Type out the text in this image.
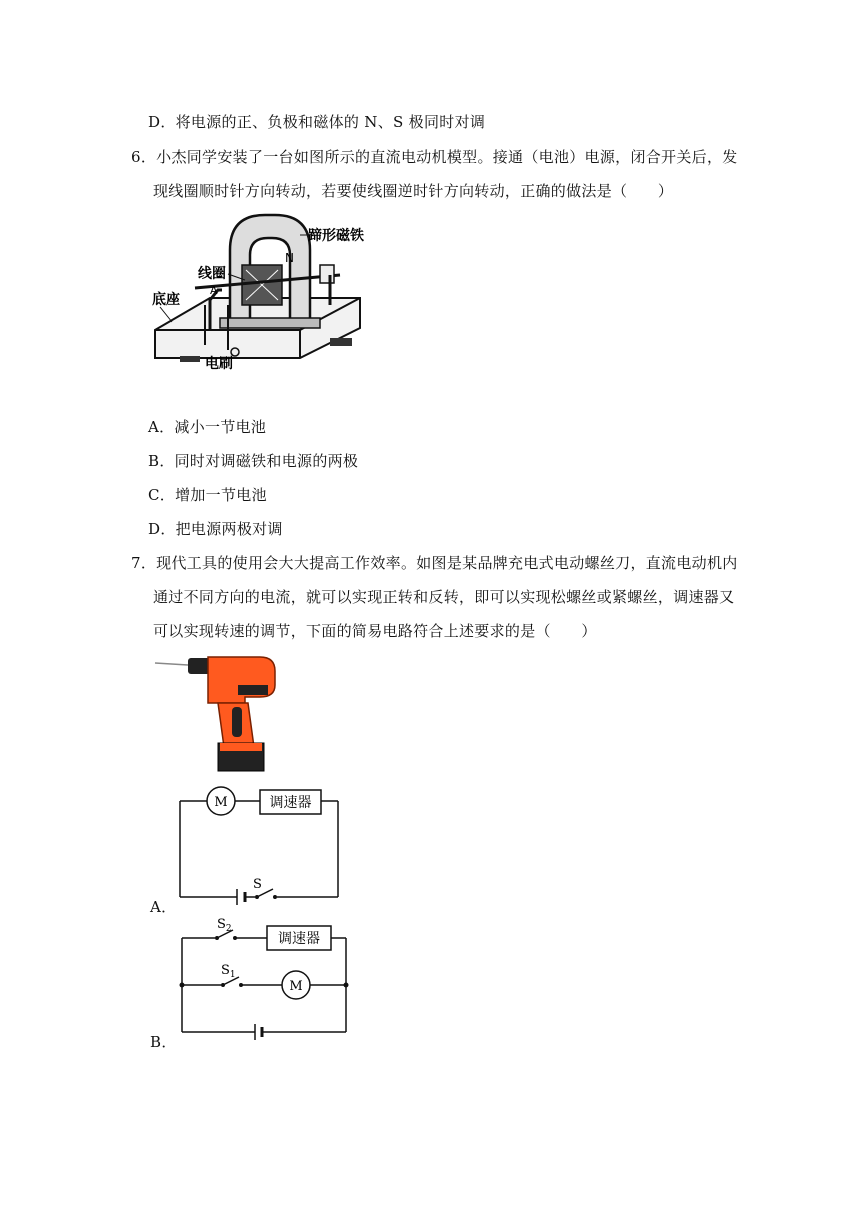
D．将电源的正、负极和磁体的 N、S 极同时对调
6．小杰同学安装了一台如图所示的直流电动机模型。接通（电池）电源，闭合开关后，发
现线圈顺时针方向转动，若要使线圈逆时针方向转动，正确的做法是（　　）
N
蹄形磁铁
线圈
A
底座
电刷
A．减小一节电池
B．同时对调磁铁和电源的两极
C．增加一节电池
D．把电源两极对调
7．现代工具的使用会大大提高工作效率。如图是某品牌充电式电动螺丝刀，直流电动机内
通过不同方向的电流，就可以实现正转和反转，即可以实现松螺丝或紧螺丝，调速器又
可以实现转速的调节，下面的简易电路符合上述要求的是（　　）
M	调速器
S
A．
调速器
$S_2$
M
$S_1$
B．
